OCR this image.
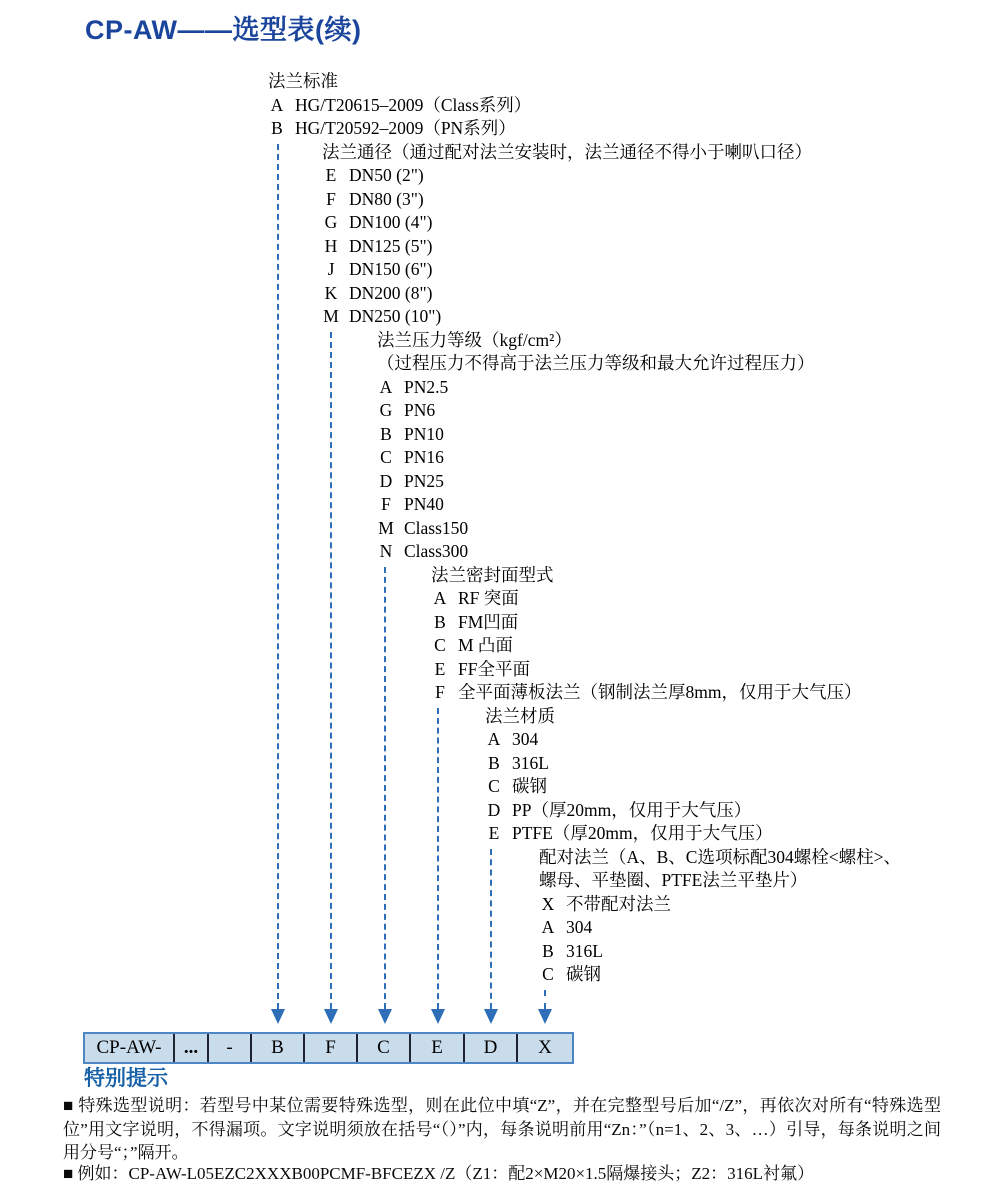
CP-AW——选型表(续)
法兰标准
A HG/T20615–2009（Class系列）
B HG/T20592–2009（PN系列）
法兰通径（通过配对法兰安装时，法兰通径不得小于喇叭口径）
E DN50 (2")
F DN80 (3")
G DN100 (4")
H DN125 (5")
J DN150 (6")
K DN200 (8")
M DN250 (10")
法兰压力等级（kgf/cm²）
（过程压力不得高于法兰压力等级和最大允许过程压力）
A PN2.5
G PN6
B PN10
C PN16
D PN25
F PN40
M Class150
N Class300
法兰密封面型式
A RF 突面
B FM凹面
C M 凸面
E FF全平面
F 全平面薄板法兰（钢制法兰厚8mm，仅用于大气压）
法兰材质
A 304
B 316L
C 碳钢
D PP（厚20mm，仅用于大气压）
E PTFE（厚20mm，仅用于大气压）
配对法兰（A、B、C选项标配304螺栓<螺柱>、
螺母、平垫圈、PTFE法兰平垫片）
X 不带配对法兰
A 304
B 316L
C 碳钢
CP-AW-	...	-	B	F	C	E	D	X
特别提示

■ 特殊选型说明：若型号中某位需要特殊选型，则在此位中填“Z”，并在完整型号后加“/Z”，再依次对所有“特殊选型位”用文字说明，不得漏项。文字说明须放在括号“（）”内，每条说明前用“Zn：”（n=1、2、3、…）引导，每条说明之间用分号“；”隔开。

■ 例如：CP-AW-L05EZC2XXXB00PCMF-BFCEZX /Z（Z1：配2×M20×1.5隔爆接头；Z2：316L衬氟）
